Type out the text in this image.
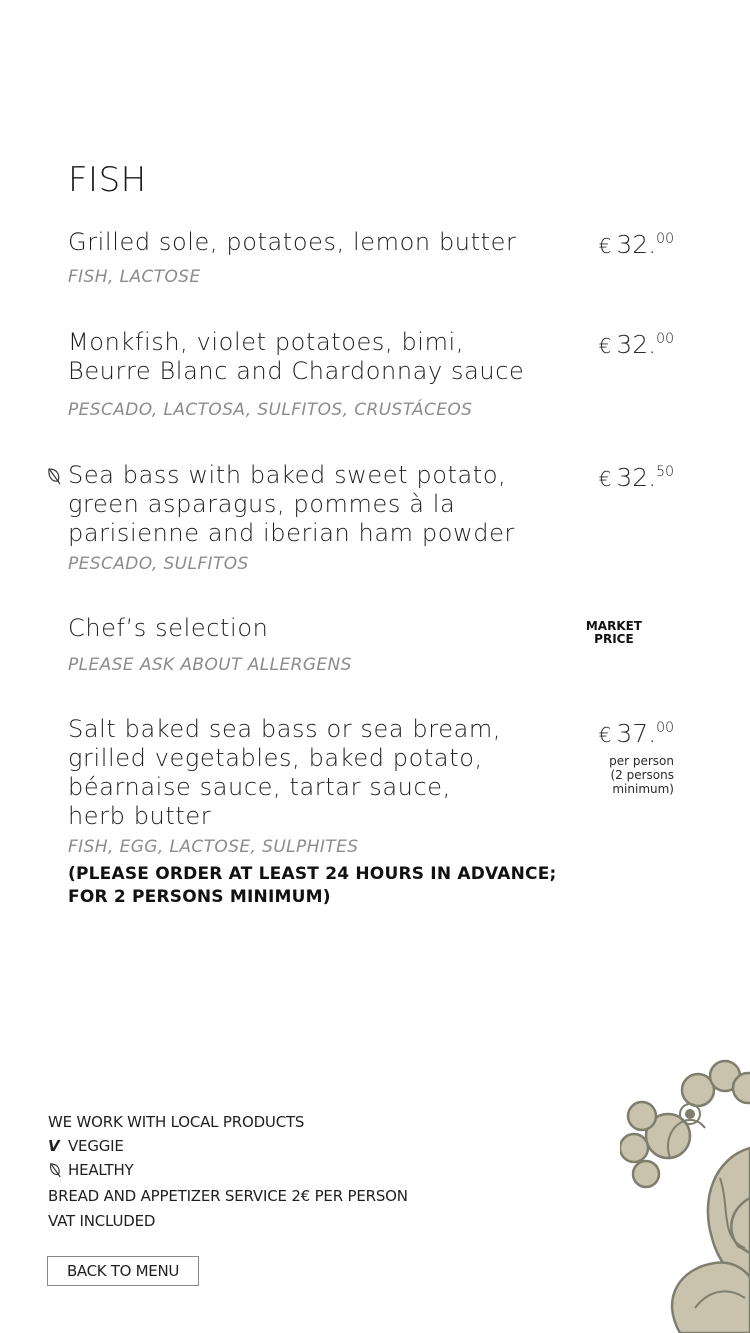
FISH
Grilled sole, potatoes, lemon butter
FISH, LACTOSE
€ 32.00
Monkfish, violet potatoes, bimi,
Beurre Blanc and Chardonnay sauce
PESCADO, LACTOSA, SULFITOS, CRUSTÁCEOS
€ 32.00
Sea bass with baked sweet potato, green asparagus, pommes à la parisienne and iberian ham powder
PESCADO, SULFITOS
€ 32.50
Chef’s selection
PLEASE ASK ABOUT ALLERGENS
MARKET
PRICE
Salt baked sea bass or sea bream, grilled vegetables, baked potato, béarnaise sauce, tartar sauce,
herb butter
FISH, EGG, LACTOSE, SULPHITES
(PLEASE ORDER AT LEAST 24 HOURS IN ADVANCE;
FOR 2 PERSONS MINIMUM)
€ 37.00
per person
(2 persons
minimum)
WE WORK WITH LOCAL PRODUCTS
V VEGGIE
HEALTHY
BREAD AND APPETIZER SERVICE 2€ PER PERSON
VAT INCLUDED
BACK TO MENU
